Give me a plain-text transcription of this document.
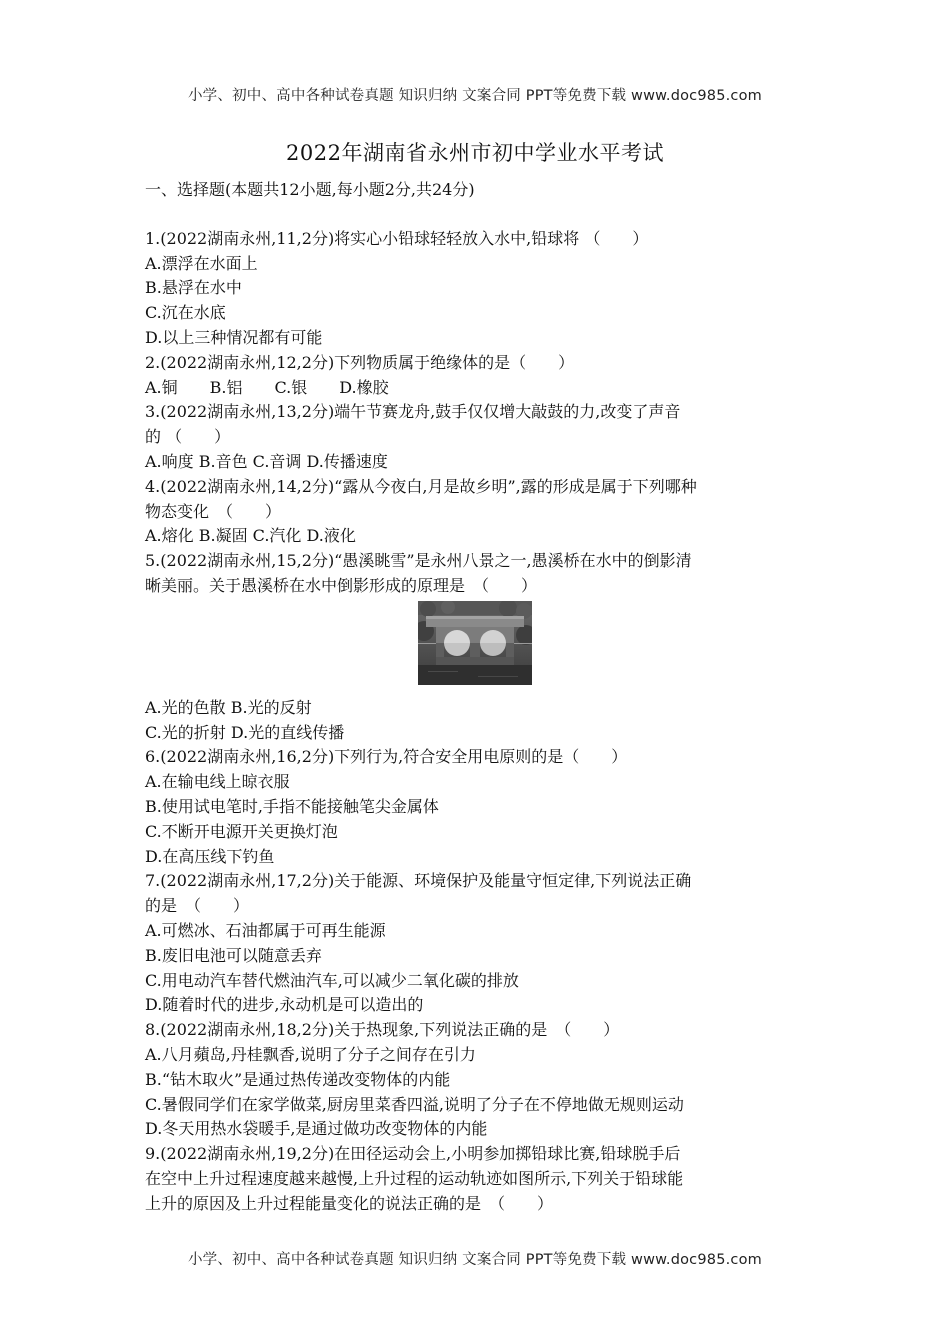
小学、初中、高中各种试卷真题 知识归纳 文案合同 PPT等免费下载 www.doc985.com
2022年湖南省永州市初中学业水平考试
一、选择题(本题共12小题,每小题2分,共24分)
1.(2022湖南永州,11,2分)将实心小铅球轻轻放入水中,铅球将 （　　）
A.漂浮在水面上
B.悬浮在水中
C.沉在水底
D.以上三种情况都有可能
2.(2022湖南永州,12,2分)下列物质属于绝缘体的是（　　）
A.铜　　B.铝　　C.银　　D.橡胶
3.(2022湖南永州,13,2分)端午节赛龙舟,鼓手仅仅增大敲鼓的力,改变了声音
的 （　　）
A.响度 B.音色 C.音调 D.传播速度
4.(2022湖南永州,14,2分)“露从今夜白,月是故乡明”,露的形成是属于下列哪种
物态变化　（　　）
A.熔化 B.凝固 C.汽化 D.液化
5.(2022湖南永州,15,2分)“愚溪眺雪”是永州八景之一,愚溪桥在水中的倒影清
晰美丽。关于愚溪桥在水中倒影形成的原理是　（　　）
A.光的色散 B.光的反射
C.光的折射 D.光的直线传播
6.(2022湖南永州,16,2分)下列行为,符合安全用电原则的是（　　）
A.在输电线上晾衣服
B.使用试电笔时,手指不能接触笔尖金属体
C.不断开电源开关更换灯泡
D.在高压线下钓鱼
7.(2022湖南永州,17,2分)关于能源、环境保护及能量守恒定律,下列说法正确
的是　（　　）
A.可燃冰、石油都属于可再生能源
B.废旧电池可以随意丢弃
C.用电动汽车替代燃油汽车,可以减少二氧化碳的排放
D.随着时代的进步,永动机是可以造出的
8.(2022湖南永州,18,2分)关于热现象,下列说法正确的是　（　　）
A.八月蘋岛,丹桂飘香,说明了分子之间存在引力
B.“钻木取火”是通过热传递改变物体的内能
C.暑假同学们在家学做菜,厨房里菜香四溢,说明了分子在不停地做无规则运动
D.冬天用热水袋暖手,是通过做功改变物体的内能
9.(2022湖南永州,19,2分)在田径运动会上,小明参加掷铅球比赛,铅球脱手后
在空中上升过程速度越来越慢,上升过程的运动轨迹如图所示,下列关于铅球能
上升的原因及上升过程能量变化的说法正确的是　（　　）
小学、初中、高中各种试卷真题 知识归纳 文案合同 PPT等免费下载 www.doc985.com
